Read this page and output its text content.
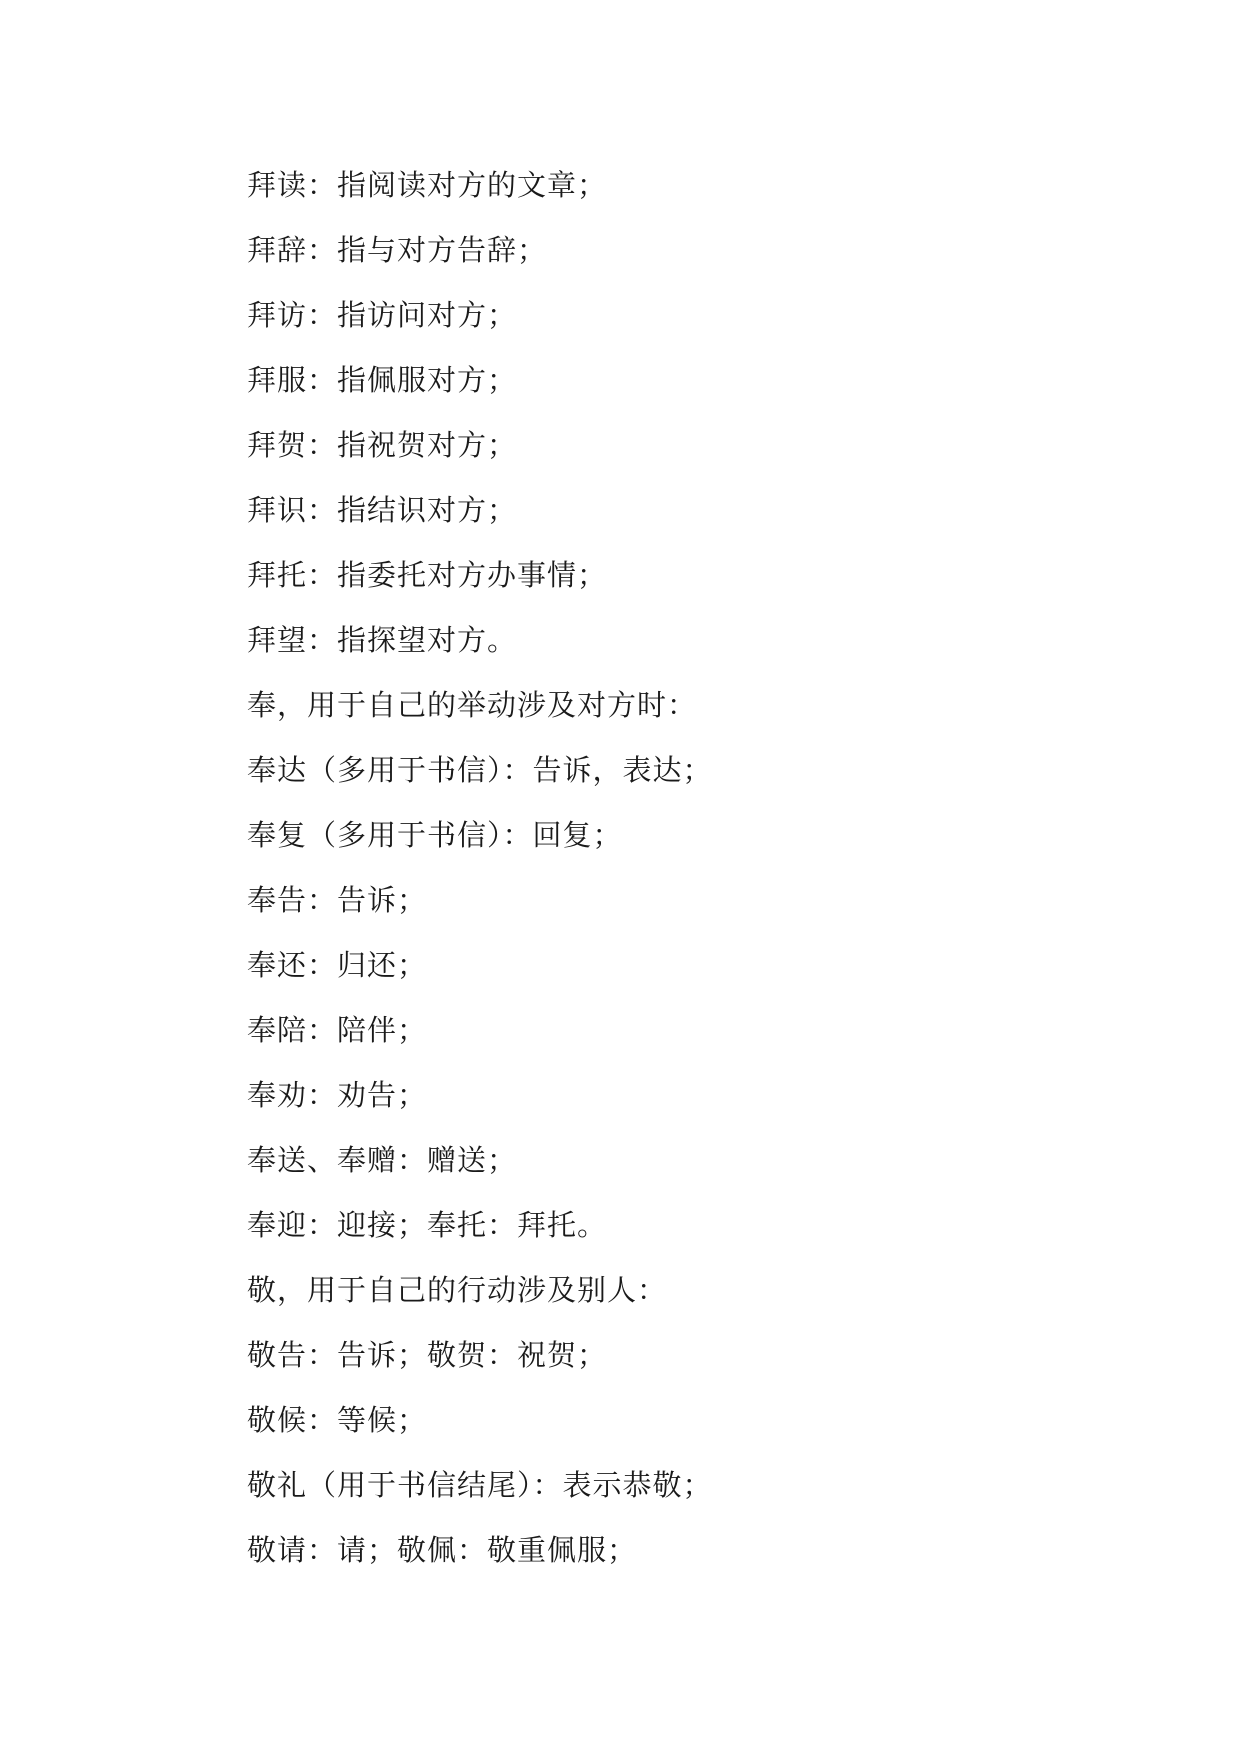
拜读：指阅读对方的文章；
拜辞：指与对方告辞；
拜访：指访问对方；
拜服：指佩服对方；
拜贺：指祝贺对方；
拜识：指结识对方；
拜托：指委托对方办事情；
拜望：指探望对方。
奉，用于自己的举动涉及对方时：
奉达（多用于书信）：告诉，表达；
奉复（多用于书信）：回复；
奉告：告诉；
奉还：归还；
奉陪：陪伴；
奉劝：劝告；
奉送、奉赠：赠送；
奉迎：迎接；奉托：拜托。
敬，用于自己的行动涉及别人：
敬告：告诉；敬贺：祝贺；
敬候：等候；
敬礼（用于书信结尾）：表示恭敬；
敬请：请；敬佩：敬重佩服；
